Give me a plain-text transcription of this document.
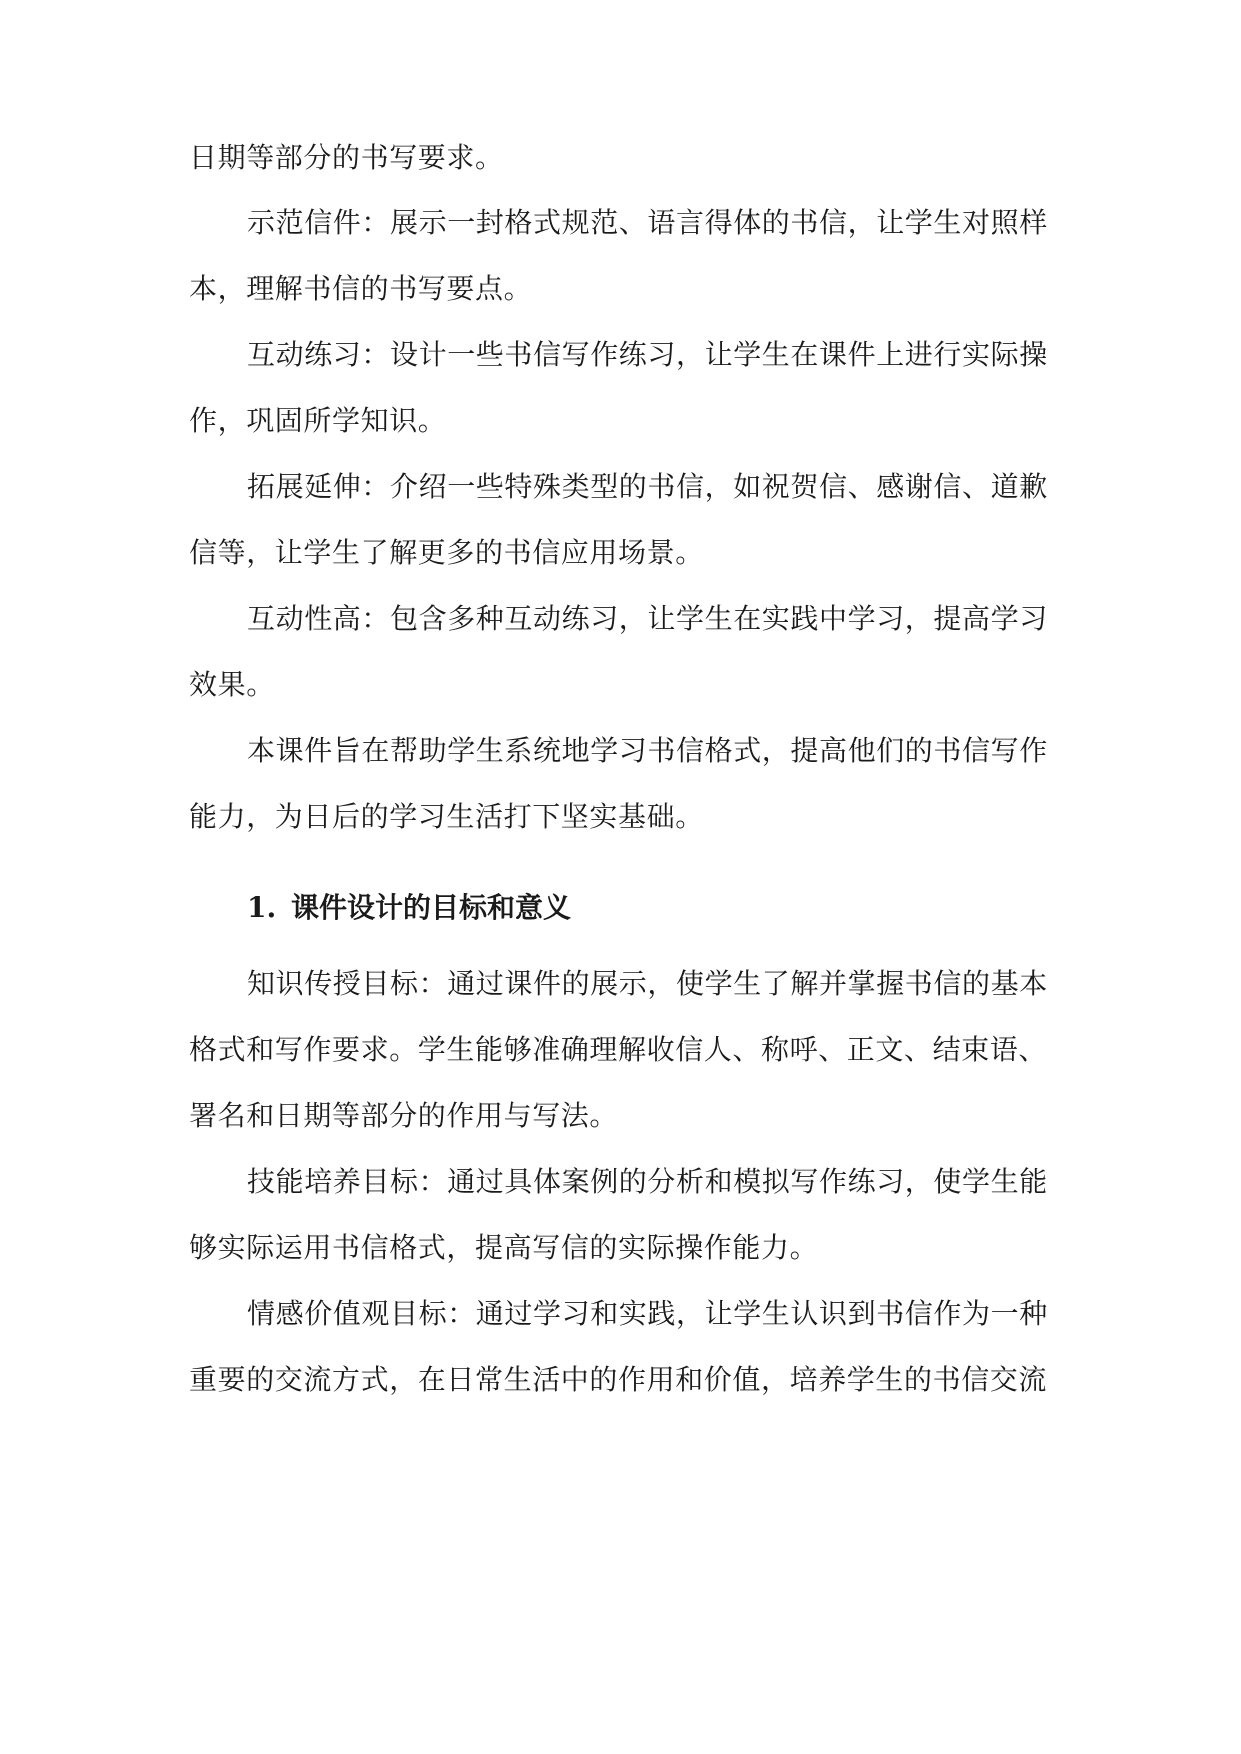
日期等部分的书写要求。
示范信件：展示一封格式规范、语言得体的书信，让学生对照样
本，理解书信的书写要点。
互动练习：设计一些书信写作练习，让学生在课件上进行实际操
作，巩固所学知识。
拓展延伸：介绍一些特殊类型的书信，如祝贺信、感谢信、道歉
信等，让学生了解更多的书信应用场景。
互动性高：包含多种互动练习，让学生在实践中学习，提高学习
效果。
本课件旨在帮助学生系统地学习书信格式，提高他们的书信写作
能力，为日后的学习生活打下坚实基础。
1. 课件设计的目标和意义
知识传授目标：通过课件的展示，使学生了解并掌握书信的基本
格式和写作要求。学生能够准确理解收信人、称呼、正文、结束语、
署名和日期等部分的作用与写法。
技能培养目标：通过具体案例的分析和模拟写作练习，使学生能
够实际运用书信格式，提高写信的实际操作能力。
情感价值观目标：通过学习和实践，让学生认识到书信作为一种
重要的交流方式，在日常生活中的作用和价值，培养学生的书信交流
